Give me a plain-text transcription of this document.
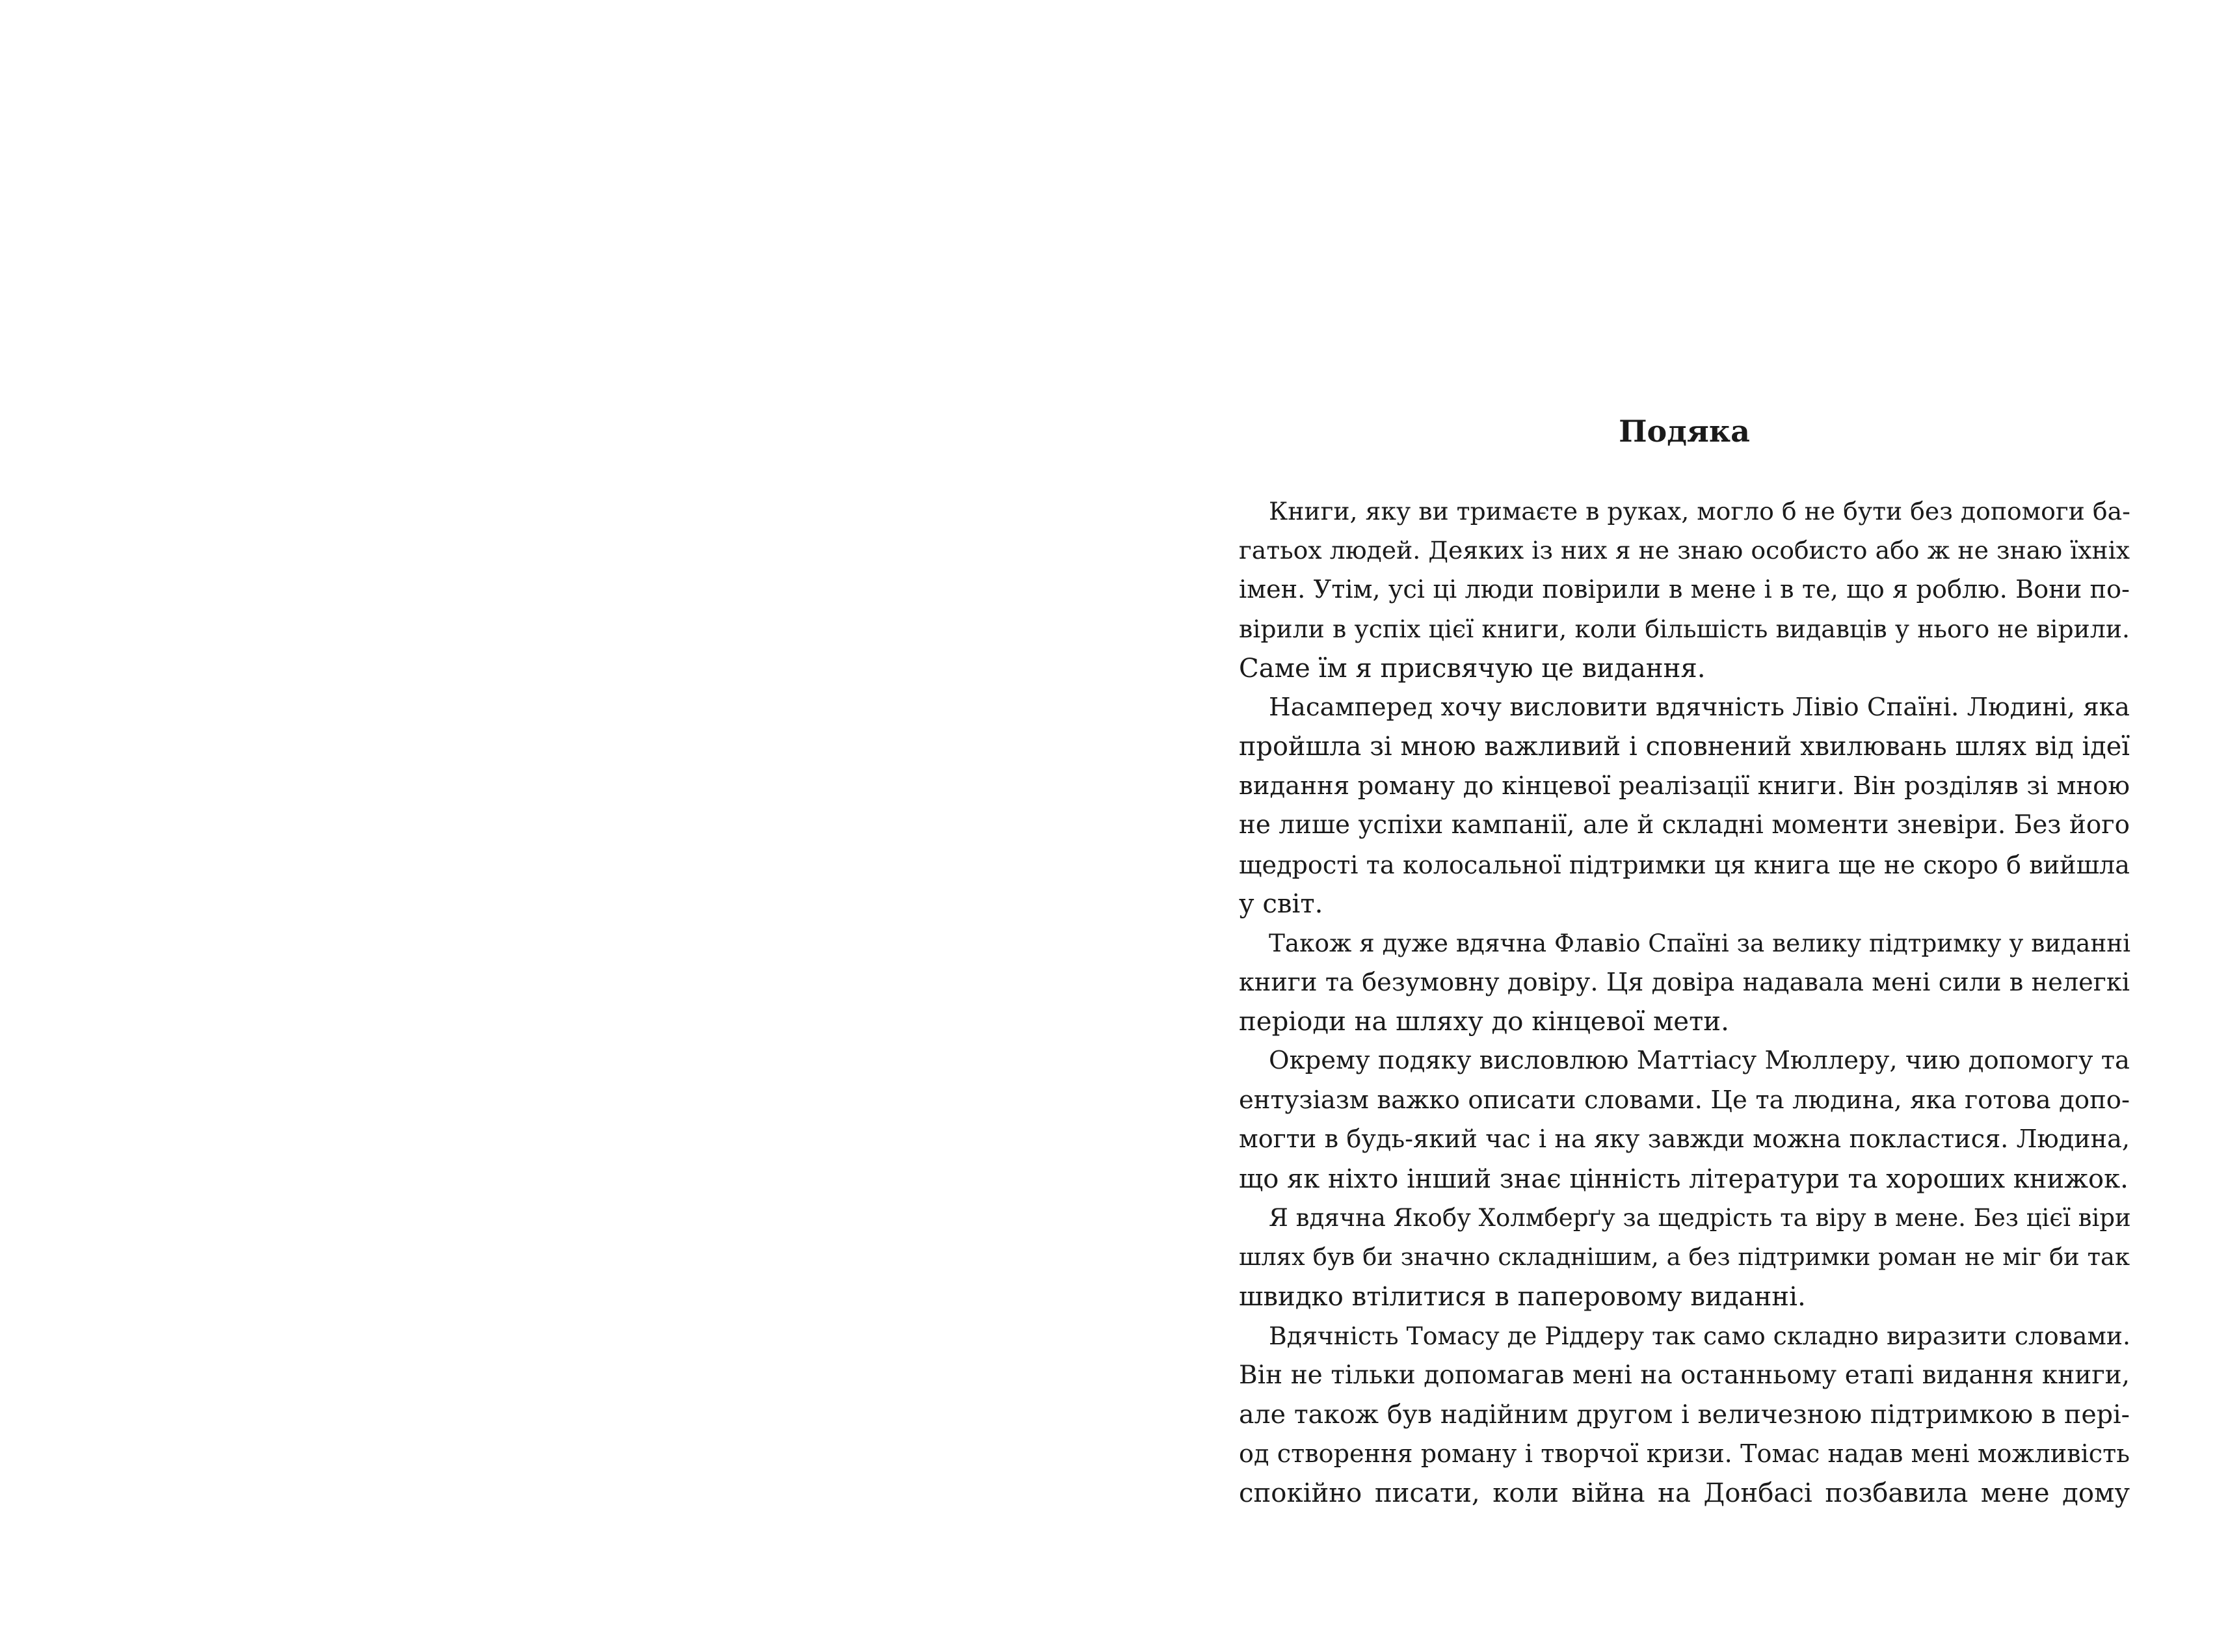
Подяка
Книги, яку ви тримаєте в руках, могло б не бути без допомоги ба-
гатьох людей. Деяких із них я не знаю особисто або ж не знаю їхніх
імен. Утім, усі ці люди повірили в мене і в те, що я роблю. Вони по-
вірили в успіх цієї книги, коли більшість видавців у нього не вірили.
Саме їм я присвячую це видання.
Насамперед хочу висловити вдячність Лівіо Спаїні. Людині, яка
пройшла зі мною важливий і сповнений хвилювань шлях від ідеї
видання роману до кінцевої реалізації книги. Він розділяв зі мною
не лише успіхи кампанії, але й складні моменти зневіри. Без його
щедрості та колосальної підтримки ця книга ще не скоро б вийшла
у світ.
Також я дуже вдячна Флавіо Спаїні за велику підтримку у виданні
книги та безумовну довіру. Ця довіра надавала мені сили в нелегкі
періоди на шляху до кінцевої мети.
Окрему подяку висловлюю Маттіасу Мюллеру, чию допомогу та
ентузіазм важко описати словами. Це та людина, яка готова допо-
могти в будь-який час і на яку завжди можна покластися. Людина,
що як ніхто інший знає цінність літератури та хороших книжок.
Я вдячна Якобу Холмберґу за щедрість та віру в мене. Без цієї віри
шлях був би значно складнішим, а без підтримки роман не міг би так
швидко втілитися в паперовому виданні.
Вдячність Томасу де Ріддеру так само складно виразити словами.
Він не тільки допомагав мені на останньому етапі видання книги,
але також був надійним другом і величезною підтримкою в пері-
од створення роману і творчої кризи. Томас надав мені можливість
спокійно писати, коли війна на Донбасі позбавила мене дому
